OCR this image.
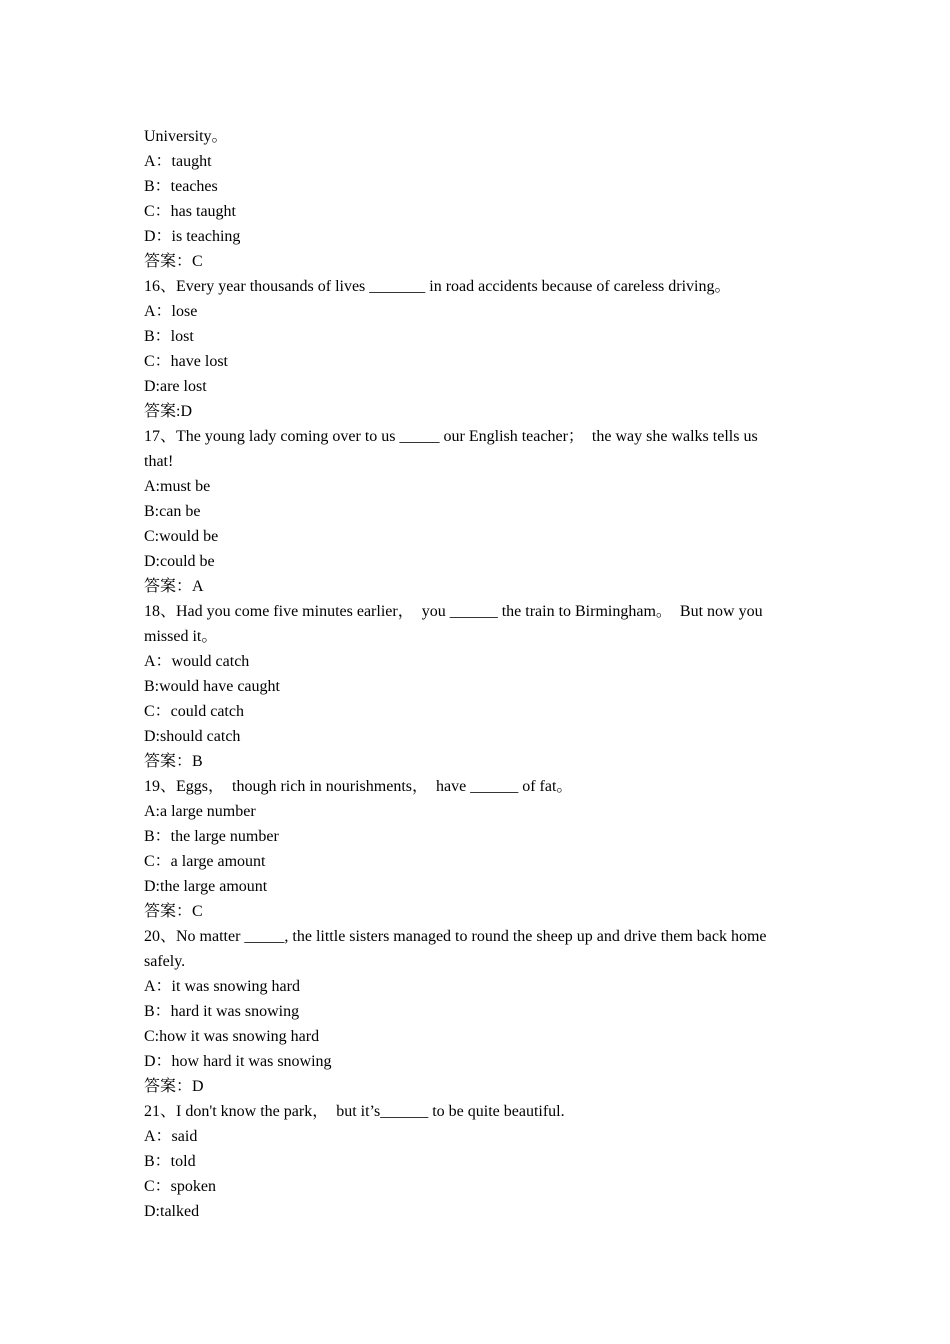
University。
A：taught
B：teaches
C：has taught
D：is teaching
答案：C
16、Every year thousands of lives _______ in road accidents because of careless driving。
A：lose
B：lost
C：have lost
D:are lost
答案:D
17、The young lady coming over to us _____ our English teacher；  the way she walks tells us
that!
A:must be
B:can be
C:would be
D:could be
答案：A
18、Had you come five minutes earlier，  you ______ the train to Birmingham。  But now you
missed it。
A：would catch
B:would have caught
C：could catch
D:should catch
答案：B
19、Eggs，  though rich in nourishments，  have ______ of fat。
A:a large number
B：the large number
C：a large amount
D:the large amount
答案：C
20、No matter _____, the little sisters managed to round the sheep up and drive them back home
safely.
A：it was snowing hard
B：hard it was snowing
C:how it was snowing hard
D：how hard it was snowing
答案：D
21、I don't know the park，  but it’s______ to be quite beautiful.
A：said
B：told
C：spoken
D:talked
